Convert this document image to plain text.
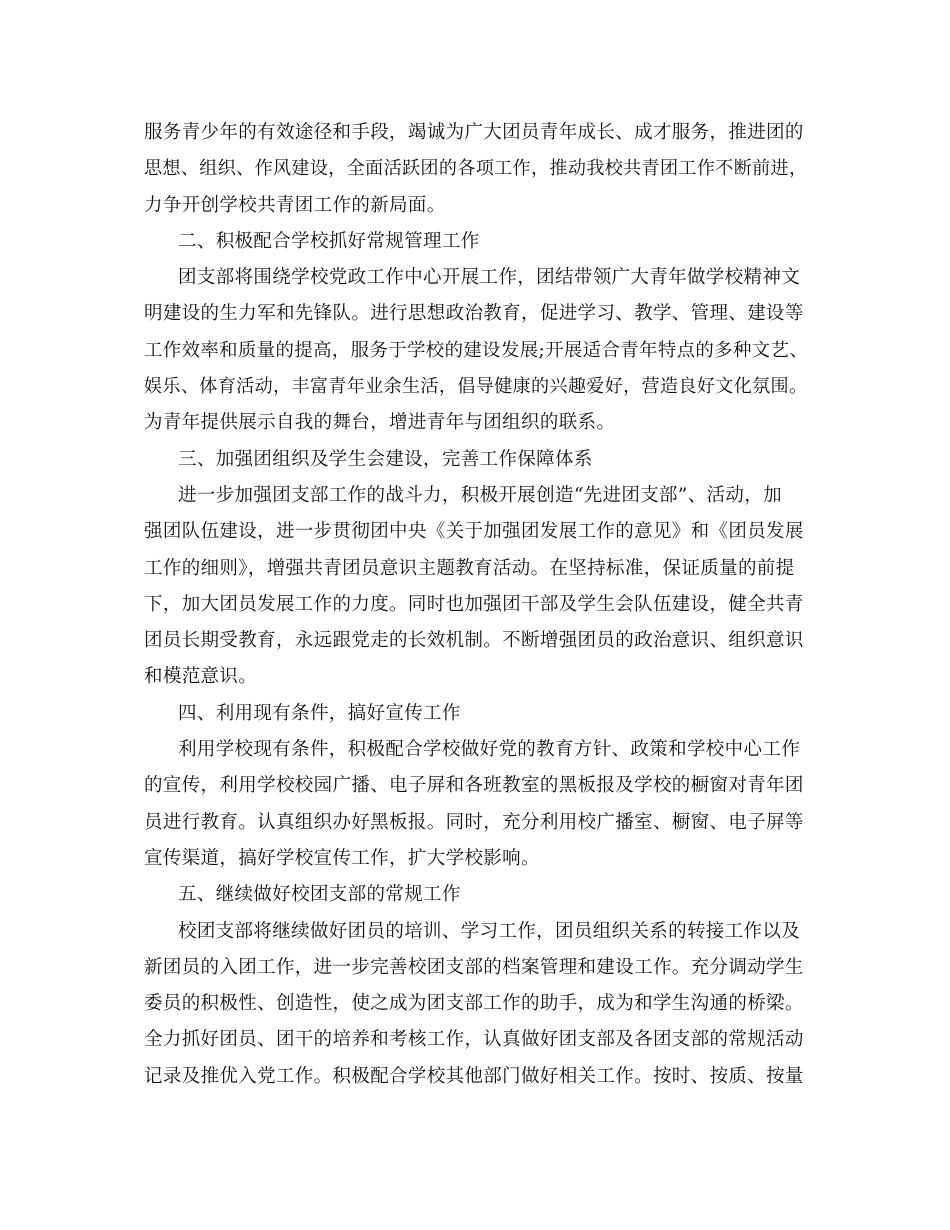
服务青少年的有效途径和手段，竭诚为广大团员青年成长、成才服务，推进团的
思想、组织、作风建设，全面活跃团的各项工作，推动我校共青团工作不断前进，
力争开创学校共青团工作的新局面。
二、积极配合学校抓好常规管理工作
团支部将围绕学校党政工作中心开展工作，团结带领广大青年做学校精神文
明建设的生力军和先锋队。进行思想政治教育，促进学习、教学、管理、建设等
工作效率和质量的提高，服务于学校的建设发展;开展适合青年特点的多种文艺、
娱乐、体育活动，丰富青年业余生活，倡导健康的兴趣爱好，营造良好文化氛围。
为青年提供展示自我的舞台，增进青年与团组织的联系。
三、加强团组织及学生会建设，完善工作保障体系
进一步加强团支部工作的战斗力，积极开展创造“先进团支部”、活动，加
强团队伍建设，进一步贯彻团中央《关于加强团发展工作的意见》和《团员发展
工作的细则》，增强共青团员意识主题教育活动。在坚持标准，保证质量的前提
下，加大团员发展工作的力度。同时也加强团干部及学生会队伍建设，健全共青
团员长期受教育，永远跟党走的长效机制。不断增强团员的政治意识、组织意识
和模范意识。
四、利用现有条件，搞好宣传工作
利用学校现有条件，积极配合学校做好党的教育方针、政策和学校中心工作
的宣传，利用学校校园广播、电子屏和各班教室的黑板报及学校的橱窗对青年团
员进行教育。认真组织办好黑板报。同时，充分利用校广播室、橱窗、电子屏等
宣传渠道，搞好学校宣传工作，扩大学校影响。
五、继续做好校团支部的常规工作
校团支部将继续做好团员的培训、学习工作，团员组织关系的转接工作以及
新团员的入团工作，进一步完善校团支部的档案管理和建设工作。充分调动学生
委员的积极性、创造性，使之成为团支部工作的助手，成为和学生沟通的桥梁。
全力抓好团员、团干的培养和考核工作，认真做好团支部及各团支部的常规活动
记录及推优入党工作。积极配合学校其他部门做好相关工作。按时、按质、按量
